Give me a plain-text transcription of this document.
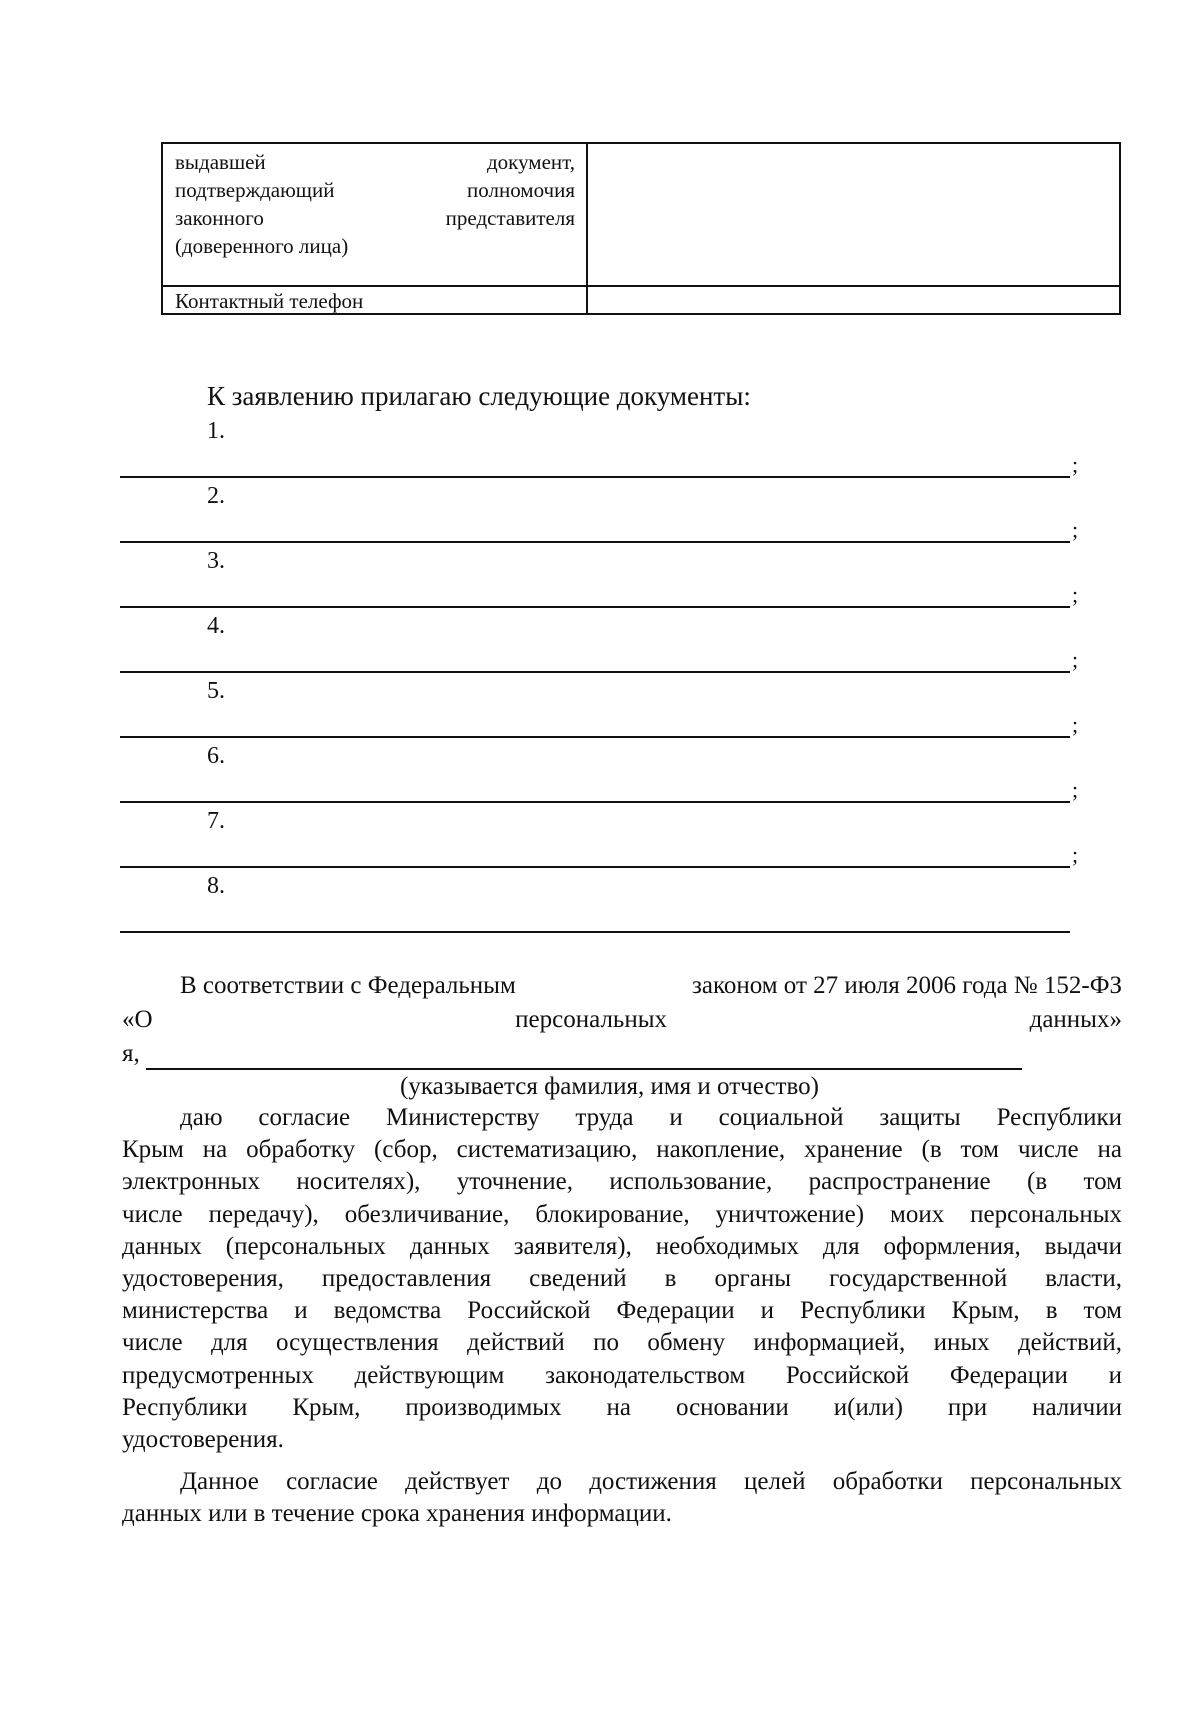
выдавшей	документ,
подтверждающий	полномочия
законного	представителя
(доверенного лица)
Контактный телефон
К заявлению прилагаю следующие документы:
1.
;
2.
;
3.
;
4.
;
5.
;
6.
;
7.
;
8.
В соответствии с Федеральным	законом от 27 июля 2006 года № 152-ФЗ
«О	персональных	данных»
я,
(указывается фамилия, имя и отчество)
даю согласие Министерству труда и социальной защиты Республики
Крым на обработку (сбор, систематизацию, накопление, хранение (в том числе на
электронных носителях), уточнение, использование, распространение (в том
числе передачу), обезличивание, блокирование, уничтожение) моих персональных
данных (персональных данных заявителя), необходимых для оформления, выдачи
удостоверения, предоставления сведений в органы государственной власти,
министерства и ведомства Российской Федерации и Республики Крым, в том
числе для осуществления действий по обмену информацией, иных действий,
предусмотренных действующим законодательством Российской Федерации и
Республики Крым, производимых на основании и(или) при наличии
удостоверения.
Данное согласие действует до достижения целей обработки персональных
данных или в течение срока хранения информации.
